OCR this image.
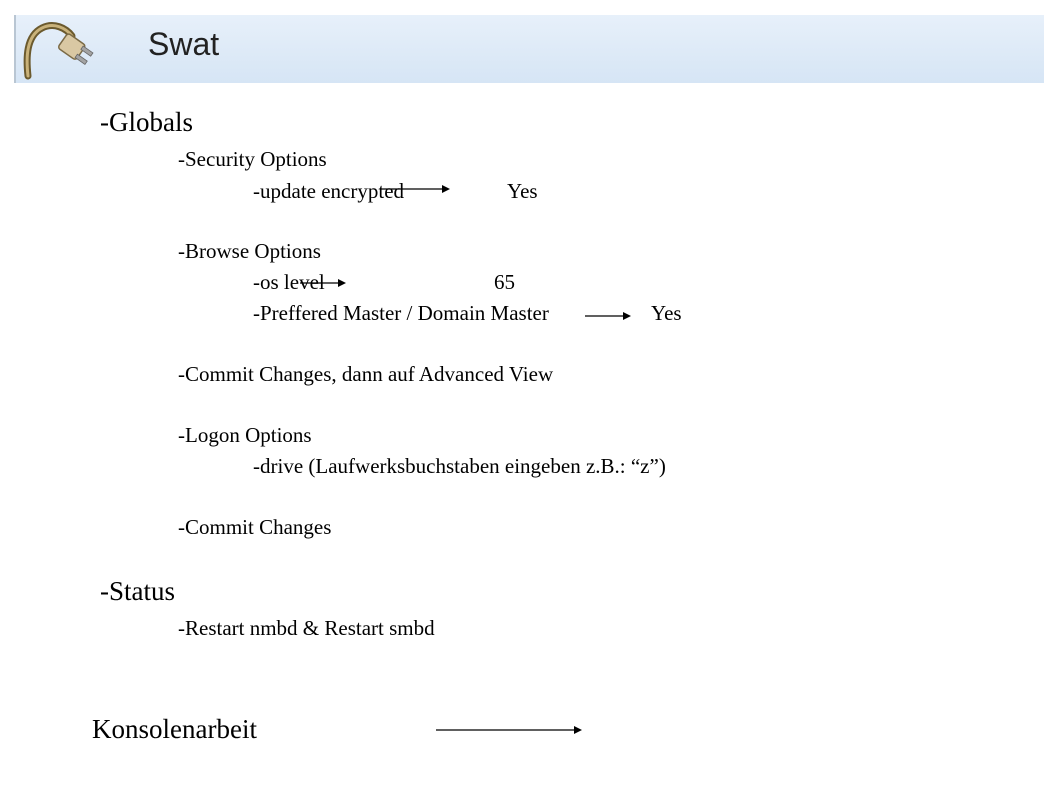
Swat
-Globals
-Security Options
-update encrypted	Yes
-Browse Options
-os level	65
-Preffered Master / Domain Master	Yes
-Commit Changes, dann auf Advanced View
-Logon Options
-drive (Laufwerksbuchstaben eingeben z.B.: “z”)
-Commit Changes
-Status
-Restart nmbd & Restart smbd
Konsolenarbeit
